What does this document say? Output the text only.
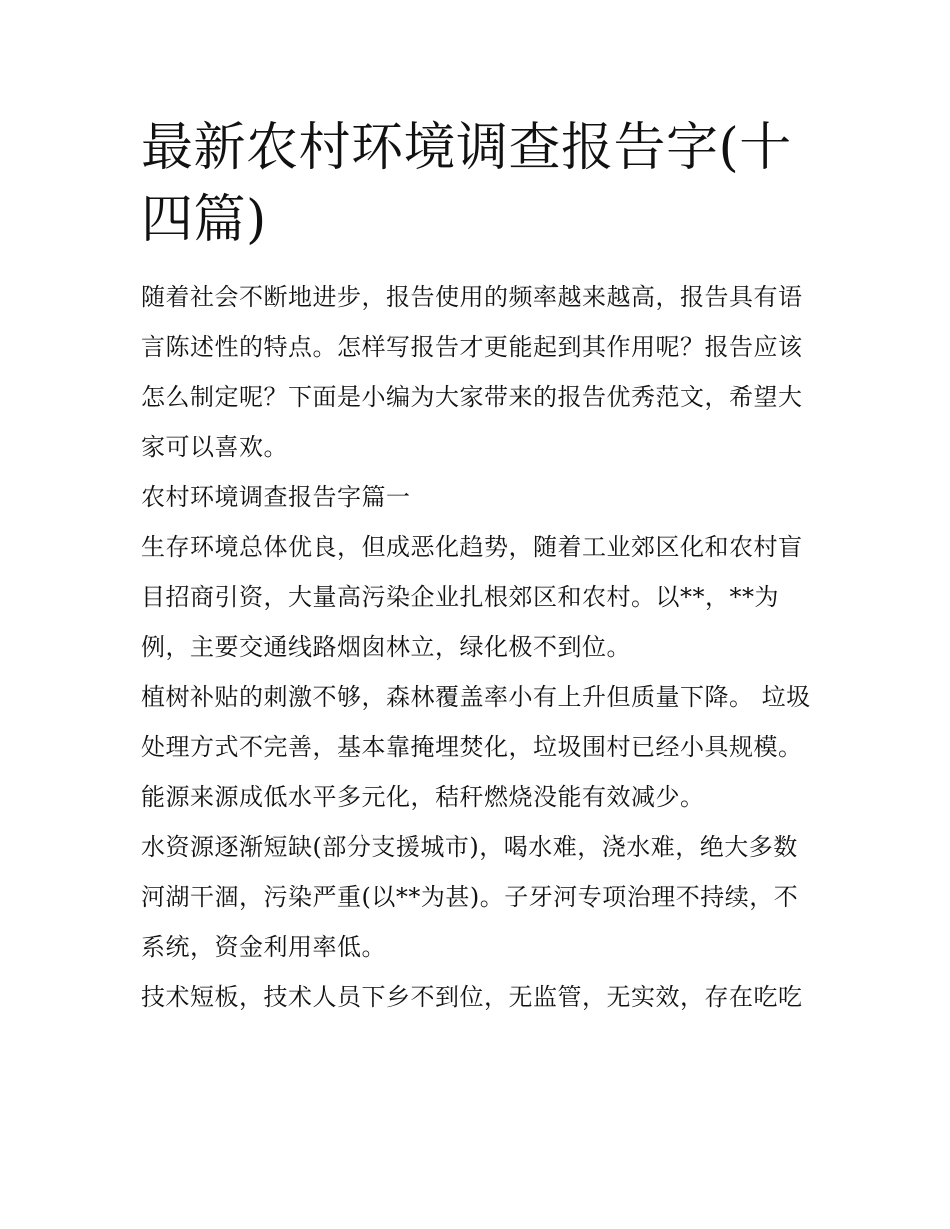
最新农村环境调查报告字(十四篇)

随着社会不断地进步，报告使用的频率越来越高，报告具有语言陈述性的特点。怎样写报告才更能起到其作用呢？报告应该怎么制定呢？下面是小编为大家带来的报告优秀范文，希望大家可以喜欢。

农村环境调查报告字篇一

生存环境总体优良，但成恶化趋势，随着工业郊区化和农村盲目招商引资，大量高污染企业扎根郊区和农村。以**，**为例，主要交通线路烟囱林立，绿化极不到位。

植树补贴的刺激不够，森林覆盖率小有上升但质量下降。 垃圾处理方式不完善，基本靠掩埋焚化，垃圾围村已经小具规模。

能源来源成低水平多元化，秸秆燃烧没能有效减少。

水资源逐渐短缺(部分支援城市)，喝水难，浇水难，绝大多数河湖干涸，污染严重(以**为甚)。子牙河专项治理不持续，不系统，资金利用率低。

技术短板，技术人员下乡不到位，无监管，无实效，存在吃吃
